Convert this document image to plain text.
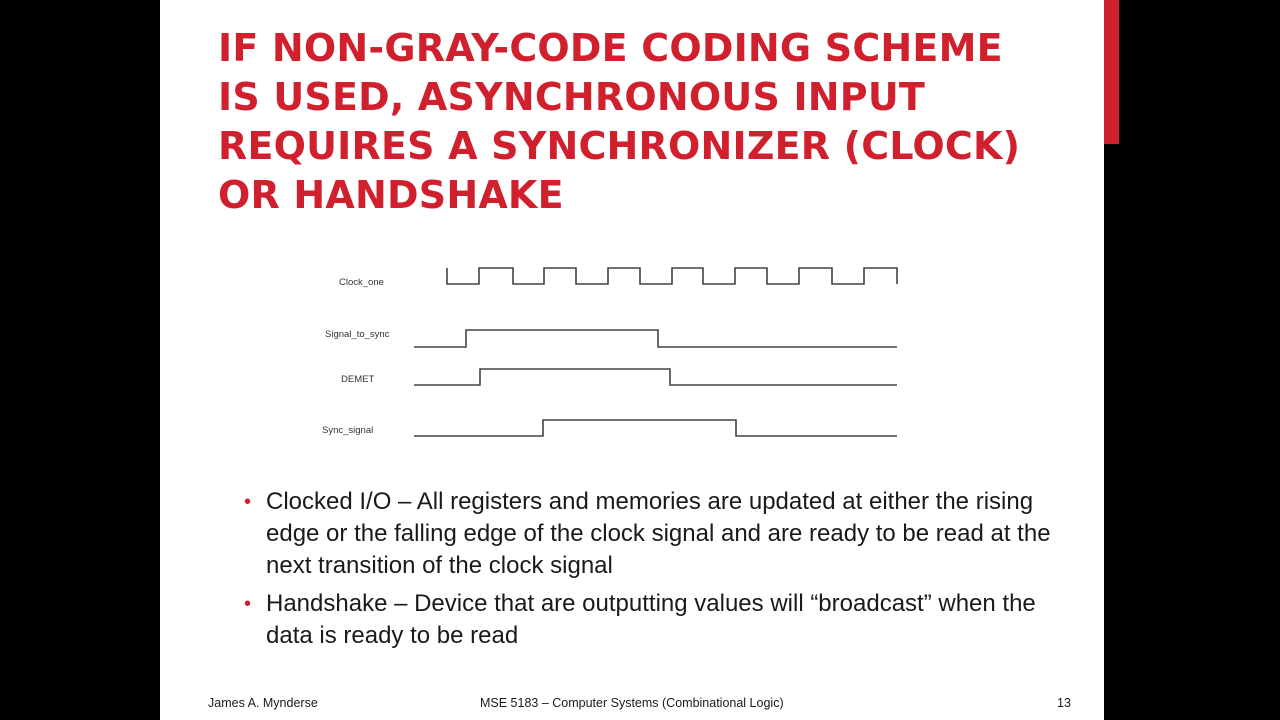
IF NON-GRAY-CODE CODING SCHEME
IS USED, ASYNCHRONOUS INPUT
REQUIRES A SYNCHRONIZER (CLOCK)
OR HANDSHAKE
Clock_one
Signal_to_sync
DEMET
Sync_signal
• Clocked I/O – All registers and memories are updated at either the rising edge or the falling edge of the clock signal and are ready to be read at the next transition of the clock signal
• Handshake – Device that are outputting values will “broadcast” when the data is ready to be read
James A. Mynderse	MSE 5183 – Computer Systems (Combinational Logic)	13
